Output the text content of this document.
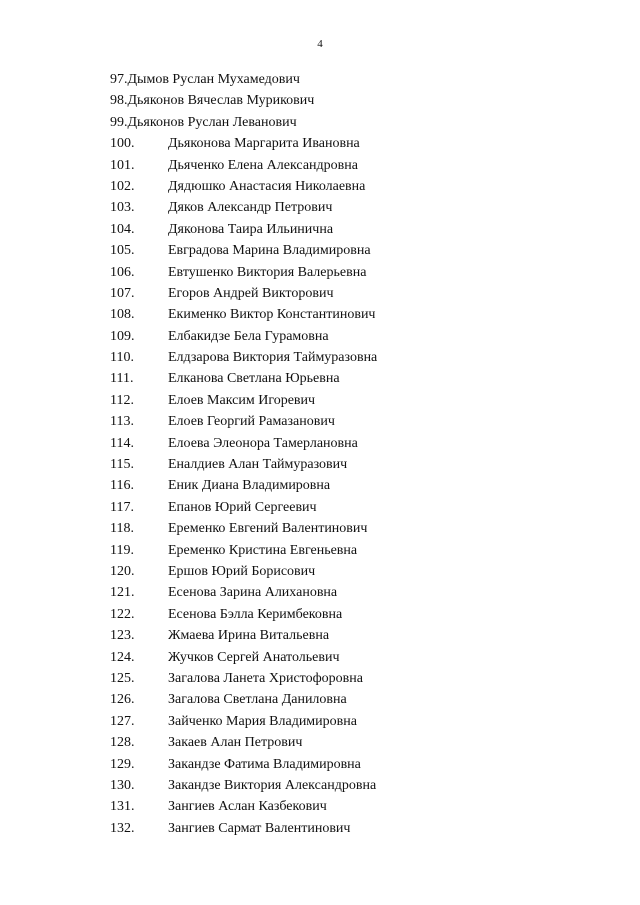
4
97. Дымов Руслан Мухамедович
98. Дьяконов Вячеслав Мурикович
99. Дьяконов Руслан Леванович
100.	Дьяконова Маргарита Ивановна
101.	Дьяченко Елена Александровна
102.	Дядюшко Анастасия Николаевна
103.	Дяков Александр Петрович
104.	Дяконова Таира Ильинична
105.	Евградова Марина Владимировна
106.	Евтушенко Виктория Валерьевна
107.	Егоров Андрей Викторович
108.	Екименко Виктор Константинович
109.	Елбакидзе Бела Гурамовна
110.	Елдзарова Виктория Таймуразовна
111.	Елканова Светлана Юрьевна
112.	Елоев Максим Игоревич
113.	Елоев Георгий Рамазанович
114.	Елоева Элеонора Тамерлановна
115.	Еналдиев Алан Таймуразович
116.	Еник Диана Владимировна
117.	Епанов Юрий Сергеевич
118.	Еременко Евгений Валентинович
119.	Еременко Кристина Евгеньевна
120.	Ершов Юрий Борисович
121.	Есенова Зарина Алихановна
122.	Есенова Бэлла Керимбековна
123.	Жмаева Ирина Витальевна
124.	Жучков Сергей Анатольевич
125.	Загалова Ланета Христофоровна
126.	Загалова Светлана Даниловна
127.	Зайченко Мария Владимировна
128.	Закаев Алан Петрович
129.	Закандзе Фатима Владимировна
130.	Закандзе Виктория Александровна
131.	Зангиев Аслан Казбекович
132.	Зангиев Сармат Валентинович
